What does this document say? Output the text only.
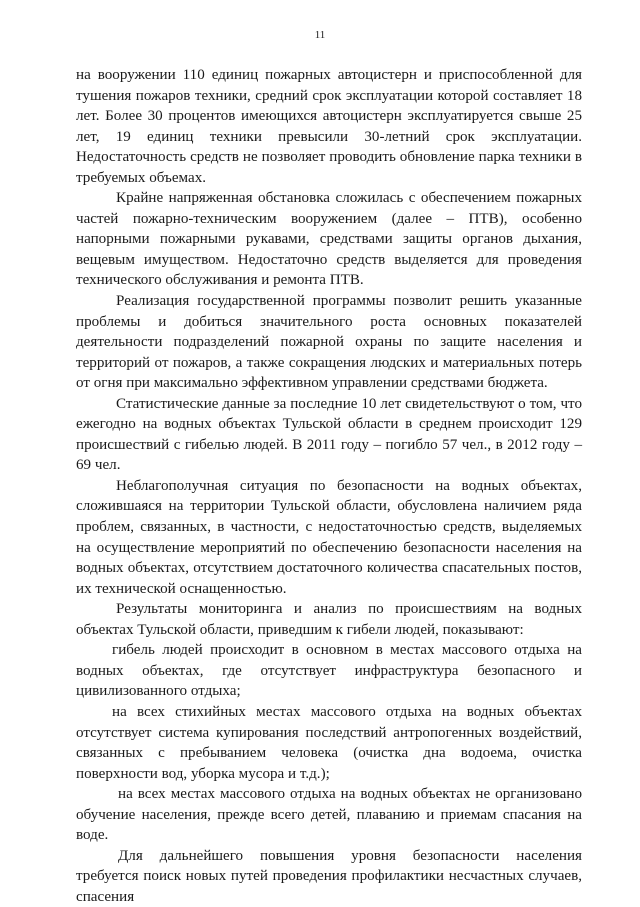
11

на вооружении 110 единиц пожарных автоцистерн и приспособленной для тушения пожаров техники, средний срок эксплуатации которой составляет 18 лет. Более 30 процентов имеющихся автоцистерн эксплуатируется свыше 25 лет, 19 единиц техники превысили 30-летний срок эксплуатации. Недостаточность средств не позволяет проводить обновление парка техники в требуемых объемах.

Крайне напряженная обстановка сложилась с обеспечением пожарных частей пожарно-техническим вооружением (далее – ПТВ), особенно напорными пожарными рукавами, средствами защиты органов дыхания, вещевым имуществом. Недостаточно средств выделяется для проведения технического обслуживания и ремонта ПТВ.

Реализация государственной программы позволит решить указанные проблемы и добиться значительного роста основных показателей деятельности подразделений пожарной охраны по защите населения и территорий от пожаров, а также сокращения людских и материальных потерь от огня при максимально эффективном управлении средствами бюджета.

Статистические данные за последние 10 лет свидетельствуют о том, что ежегодно на водных объектах Тульской области в среднем происходит 129 происшествий с гибелью людей. В 2011 году – погибло 57 чел., в 2012 году – 69 чел.

Неблагополучная ситуация по безопасности на водных объектах, сложившаяся на территории Тульской области, обусловлена наличием ряда проблем, связанных, в частности, с недостаточностью средств, выделяемых на осуществление мероприятий по обеспечению безопасности населения на водных объектах, отсутствием достаточного количества спасательных постов, их технической оснащенностью.

Результаты мониторинга и анализ по происшествиям на водных объектах Тульской области, приведшим к гибели людей, показывают:

гибель людей происходит в основном в местах массового отдыха на водных объектах, где отсутствует инфраструктура безопасного и цивилизованного отдыха;

на всех стихийных местах массового отдыха на водных объектах отсутствует система купирования последствий антропогенных воздействий, связанных с пребыванием человека (очистка дна водоема, очистка поверхности вод, уборка мусора и т.д.);

на всех местах массового отдыха на водных объектах не организовано обучение населения, прежде всего детей, плаванию и приемам спасания на воде.

Для дальнейшего повышения уровня безопасности населения требуется поиск новых путей проведения профилактики несчастных случаев, спасения
